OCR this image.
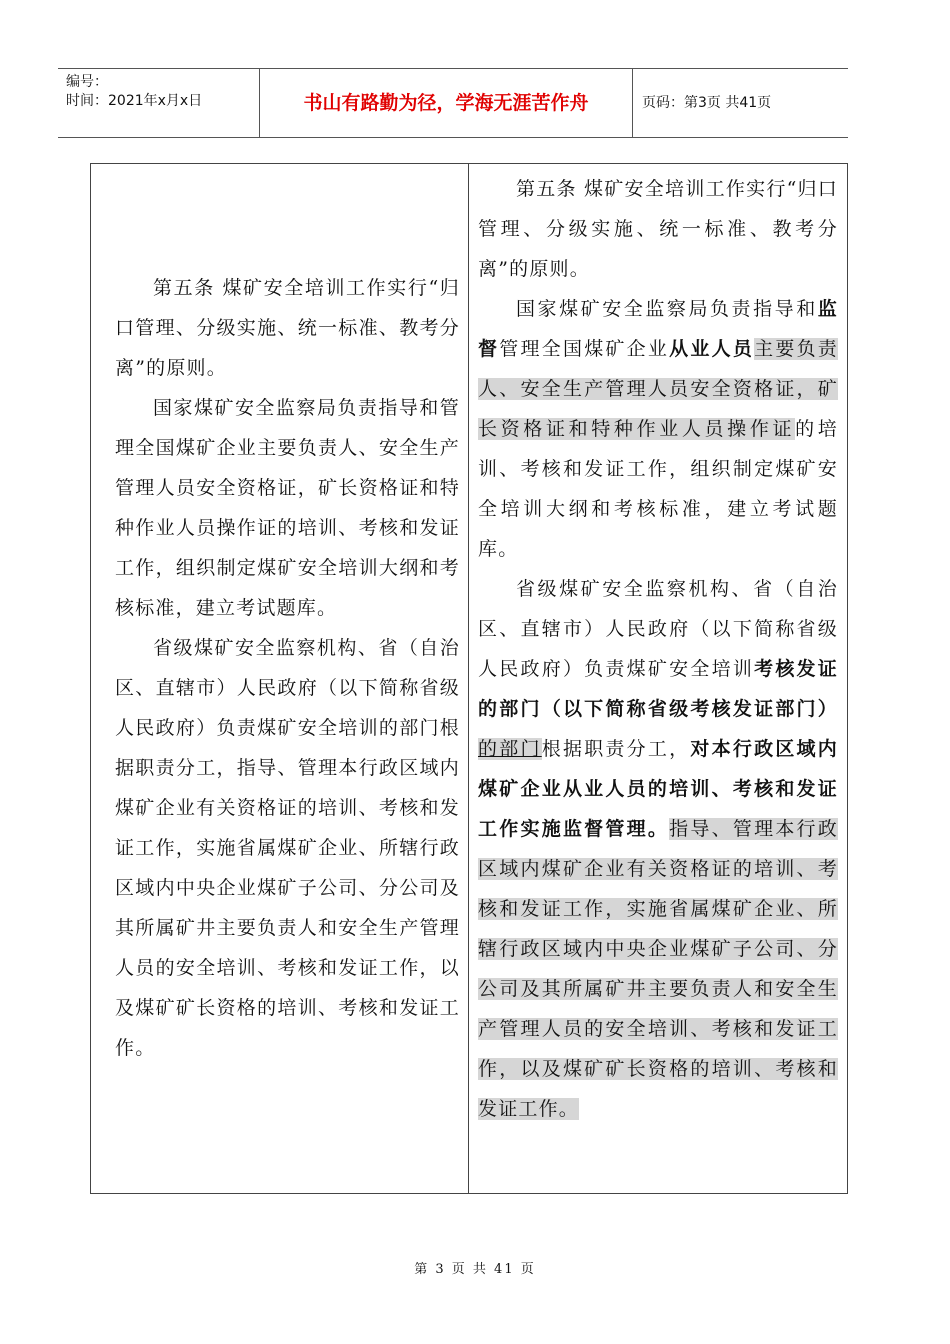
编号：
时间：2021年x月x日	书山有路勤为径，学海无涯苦作舟	页码：第3页 共41页

第五条 煤矿安全培训工作实行“归口管理、分级实施、统一标准、教考分离”的原则。

国家煤矿安全监察局负责指导和管理全国煤矿企业主要负责人、安全生产管理人员安全资格证，矿长资格证和特种作业人员操作证的培训、考核和发证工作，组织制定煤矿安全培训大纲和考核标准，建立考试题库。

省级煤矿安全监察机构、省（自治区、直辖市）人民政府（以下简称省级人民政府）负责煤矿安全培训的部门根据职责分工，指导、管理本行政区域内煤矿企业有关资格证的培训、考核和发证工作，实施省属煤矿企业、所辖行政区域内中央企业煤矿子公司、分公司及其所属矿井主要负责人和安全生产管理人员的安全培训、考核和发证工作，以及煤矿矿长资格的培训、考核和发证工作。

第五条 煤矿安全培训工作实行“归口管理、分级实施、统一标准、教考分离”的原则。

国家煤矿安全监察局负责指导和监督管理全国煤矿企业从业人员主要负责人、安全生产管理人员安全资格证，矿长资格证和特种作业人员操作证的培训、考核和发证工作，组织制定煤矿安全培训大纲和考核标准，建立考试题库。

省级煤矿安全监察机构、省（自治区、直辖市）人民政府（以下简称省级人民政府）负责煤矿安全培训考核发证的部门（以下简称省级考核发证部门）的部门根据职责分工，对本行政区域内煤矿企业从业人员的培训、考核和发证工作实施监督管理。指导、管理本行政区域内煤矿企业有关资格证的培训、考核和发证工作，实施省属煤矿企业、所辖行政区域内中央企业煤矿子公司、分公司及其所属矿井主要负责人和安全生产管理人员的安全培训、考核和发证工作，以及煤矿矿长资格的培训、考核和发证工作。

第 3 页 共 41 页
